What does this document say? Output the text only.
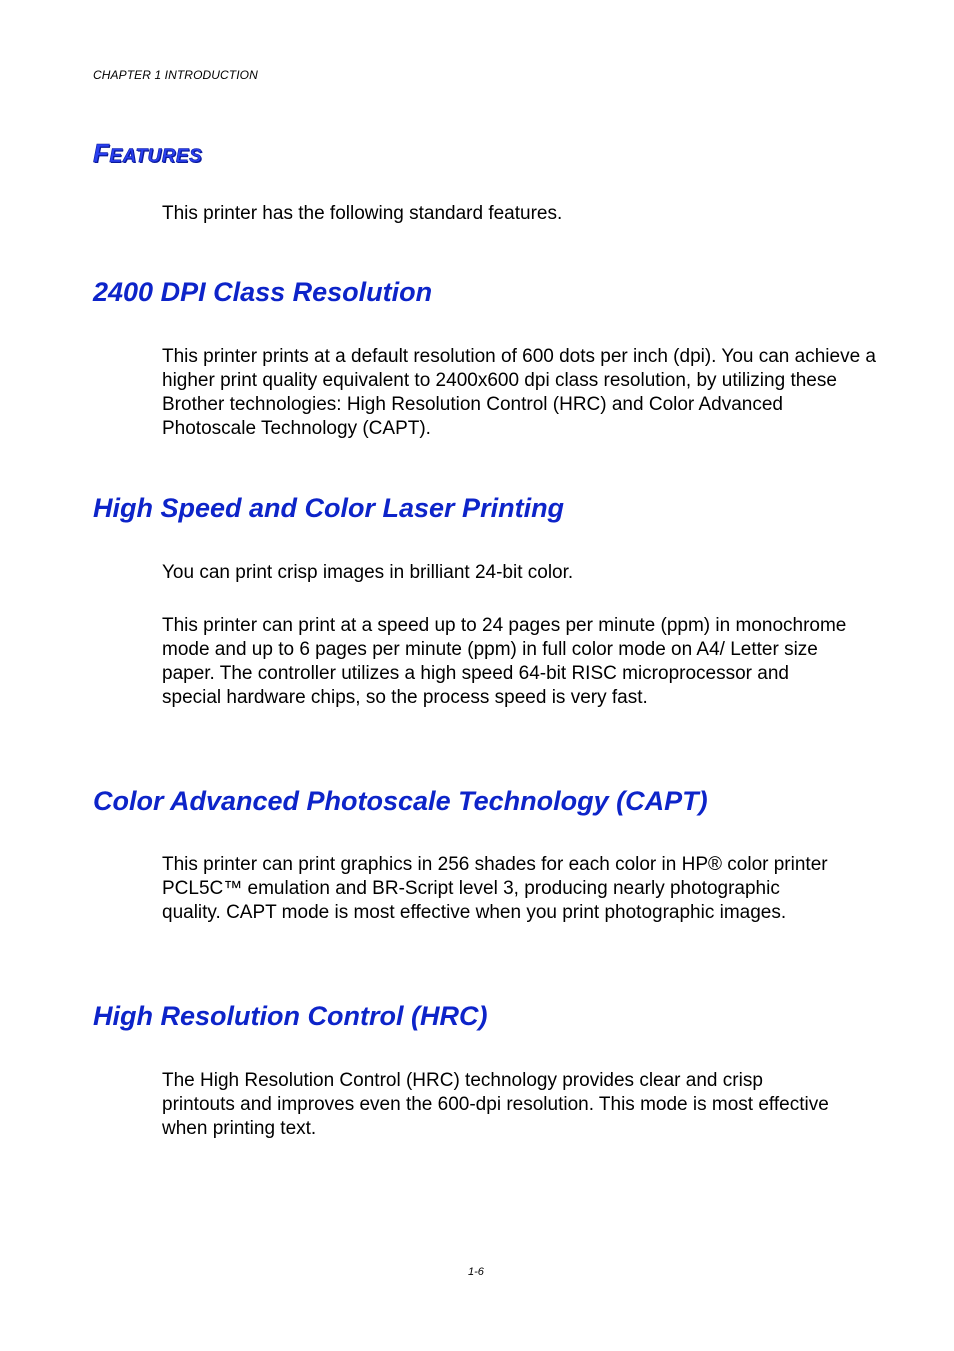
CHAPTER 1 INTRODUCTION
FEATURES
This printer has the following standard features.
2400 DPI Class Resolution
This printer prints at a default resolution of 600 dots per inch (dpi). You can achieve a higher print quality equivalent to 2400x600 dpi class resolution, by utilizing these Brother technologies: High Resolution Control (HRC) and Color Advanced Photoscale Technology (CAPT).
High Speed and Color Laser Printing
You can print crisp images in brilliant 24-bit color.
This printer can print at a speed up to 24 pages per minute (ppm) in monochrome mode and up to 6 pages per minute (ppm) in full color mode on A4/ Letter size paper. The controller utilizes a high speed 64-bit RISC microprocessor and special hardware chips, so the process speed is very fast.
Color Advanced Photoscale Technology (CAPT)
This printer can print graphics in 256 shades for each color in HP® color printer PCL5C™ emulation and BR-Script level 3, producing nearly photographic quality. CAPT mode is most effective when you print photographic images.
High Resolution Control (HRC)
The High Resolution Control (HRC) technology provides clear and crisp printouts and improves even the 600-dpi resolution. This mode is most effective when printing text.
1-6
